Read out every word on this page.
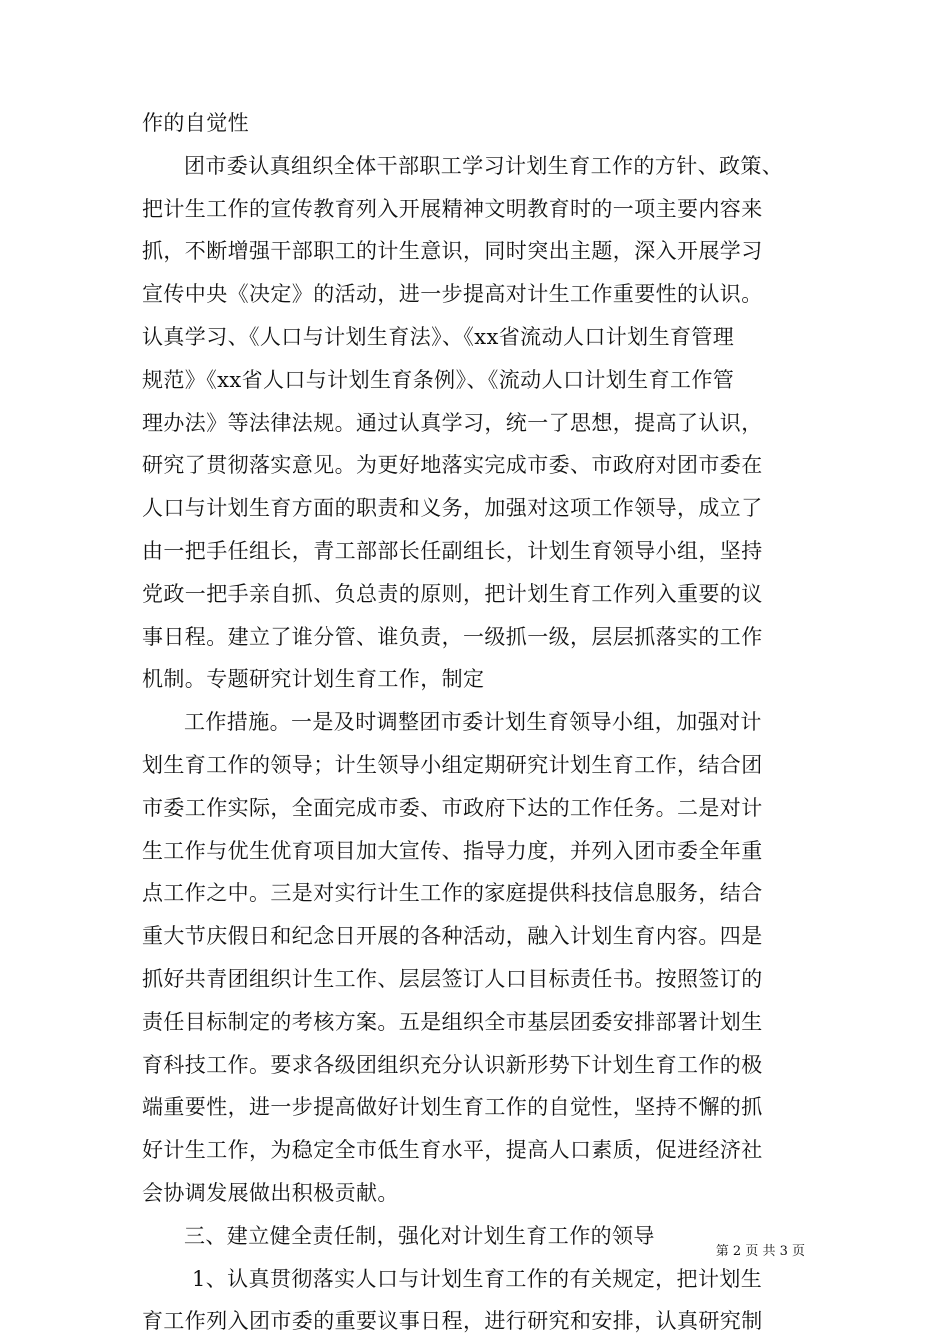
作的自觉性
团市委认真组织全体干部职工学习计划生育工作的方针、政策、
把计生工作的宣传教育列入开展精神文明教育时的一项主要内容来
抓，不断增强干部职工的计生意识，同时突出主题，深入开展学习
宣传中央《决定》的活动，进一步提高对计生工作重要性的认识。
认真学习、《人口与计划生育法》、《xx省流动人口计划生育管理
规范》《xx省人口与计划生育条例》、《流动人口计划生育工作管
理办法》等法律法规。通过认真学习，统一了思想，提高了认识，
研究了贯彻落实意见。为更好地落实完成市委、市政府对团市委在
人口与计划生育方面的职责和义务，加强对这项工作领导，成立了
由一把手任组长，青工部部长任副组长，计划生育领导小组，坚持
党政一把手亲自抓、负总责的原则，把计划生育工作列入重要的议
事日程。建立了谁分管、谁负责，一级抓一级，层层抓落实的工作
机制。专题研究计划生育工作，制定
工作措施。一是及时调整团市委计划生育领导小组，加强对计
划生育工作的领导；计生领导小组定期研究计划生育工作，结合团
市委工作实际，全面完成市委、市政府下达的工作任务。二是对计
生工作与优生优育项目加大宣传、指导力度，并列入团市委全年重
点工作之中。三是对实行计生工作的家庭提供科技信息服务，结合
重大节庆假日和纪念日开展的各种活动，融入计划生育内容。四是
抓好共青团组织计生工作、层层签订人口目标责任书。按照签订的
责任目标制定的考核方案。五是组织全市基层团委安排部署计划生
育科技工作。要求各级团组织充分认识新形势下计划生育工作的极
端重要性，进一步提高做好计划生育工作的自觉性，坚持不懈的抓
好计生工作，为稳定全市低生育水平，提高人口素质，促进经济社
会协调发展做出积极贡献。
三、建立健全责任制，强化对计划生育工作的领导
1、认真贯彻落实人口与计划生育工作的有关规定，把计划生
育工作列入团市委的重要议事日程，进行研究和安排，认真研究制
第 2 页 共 3 页
